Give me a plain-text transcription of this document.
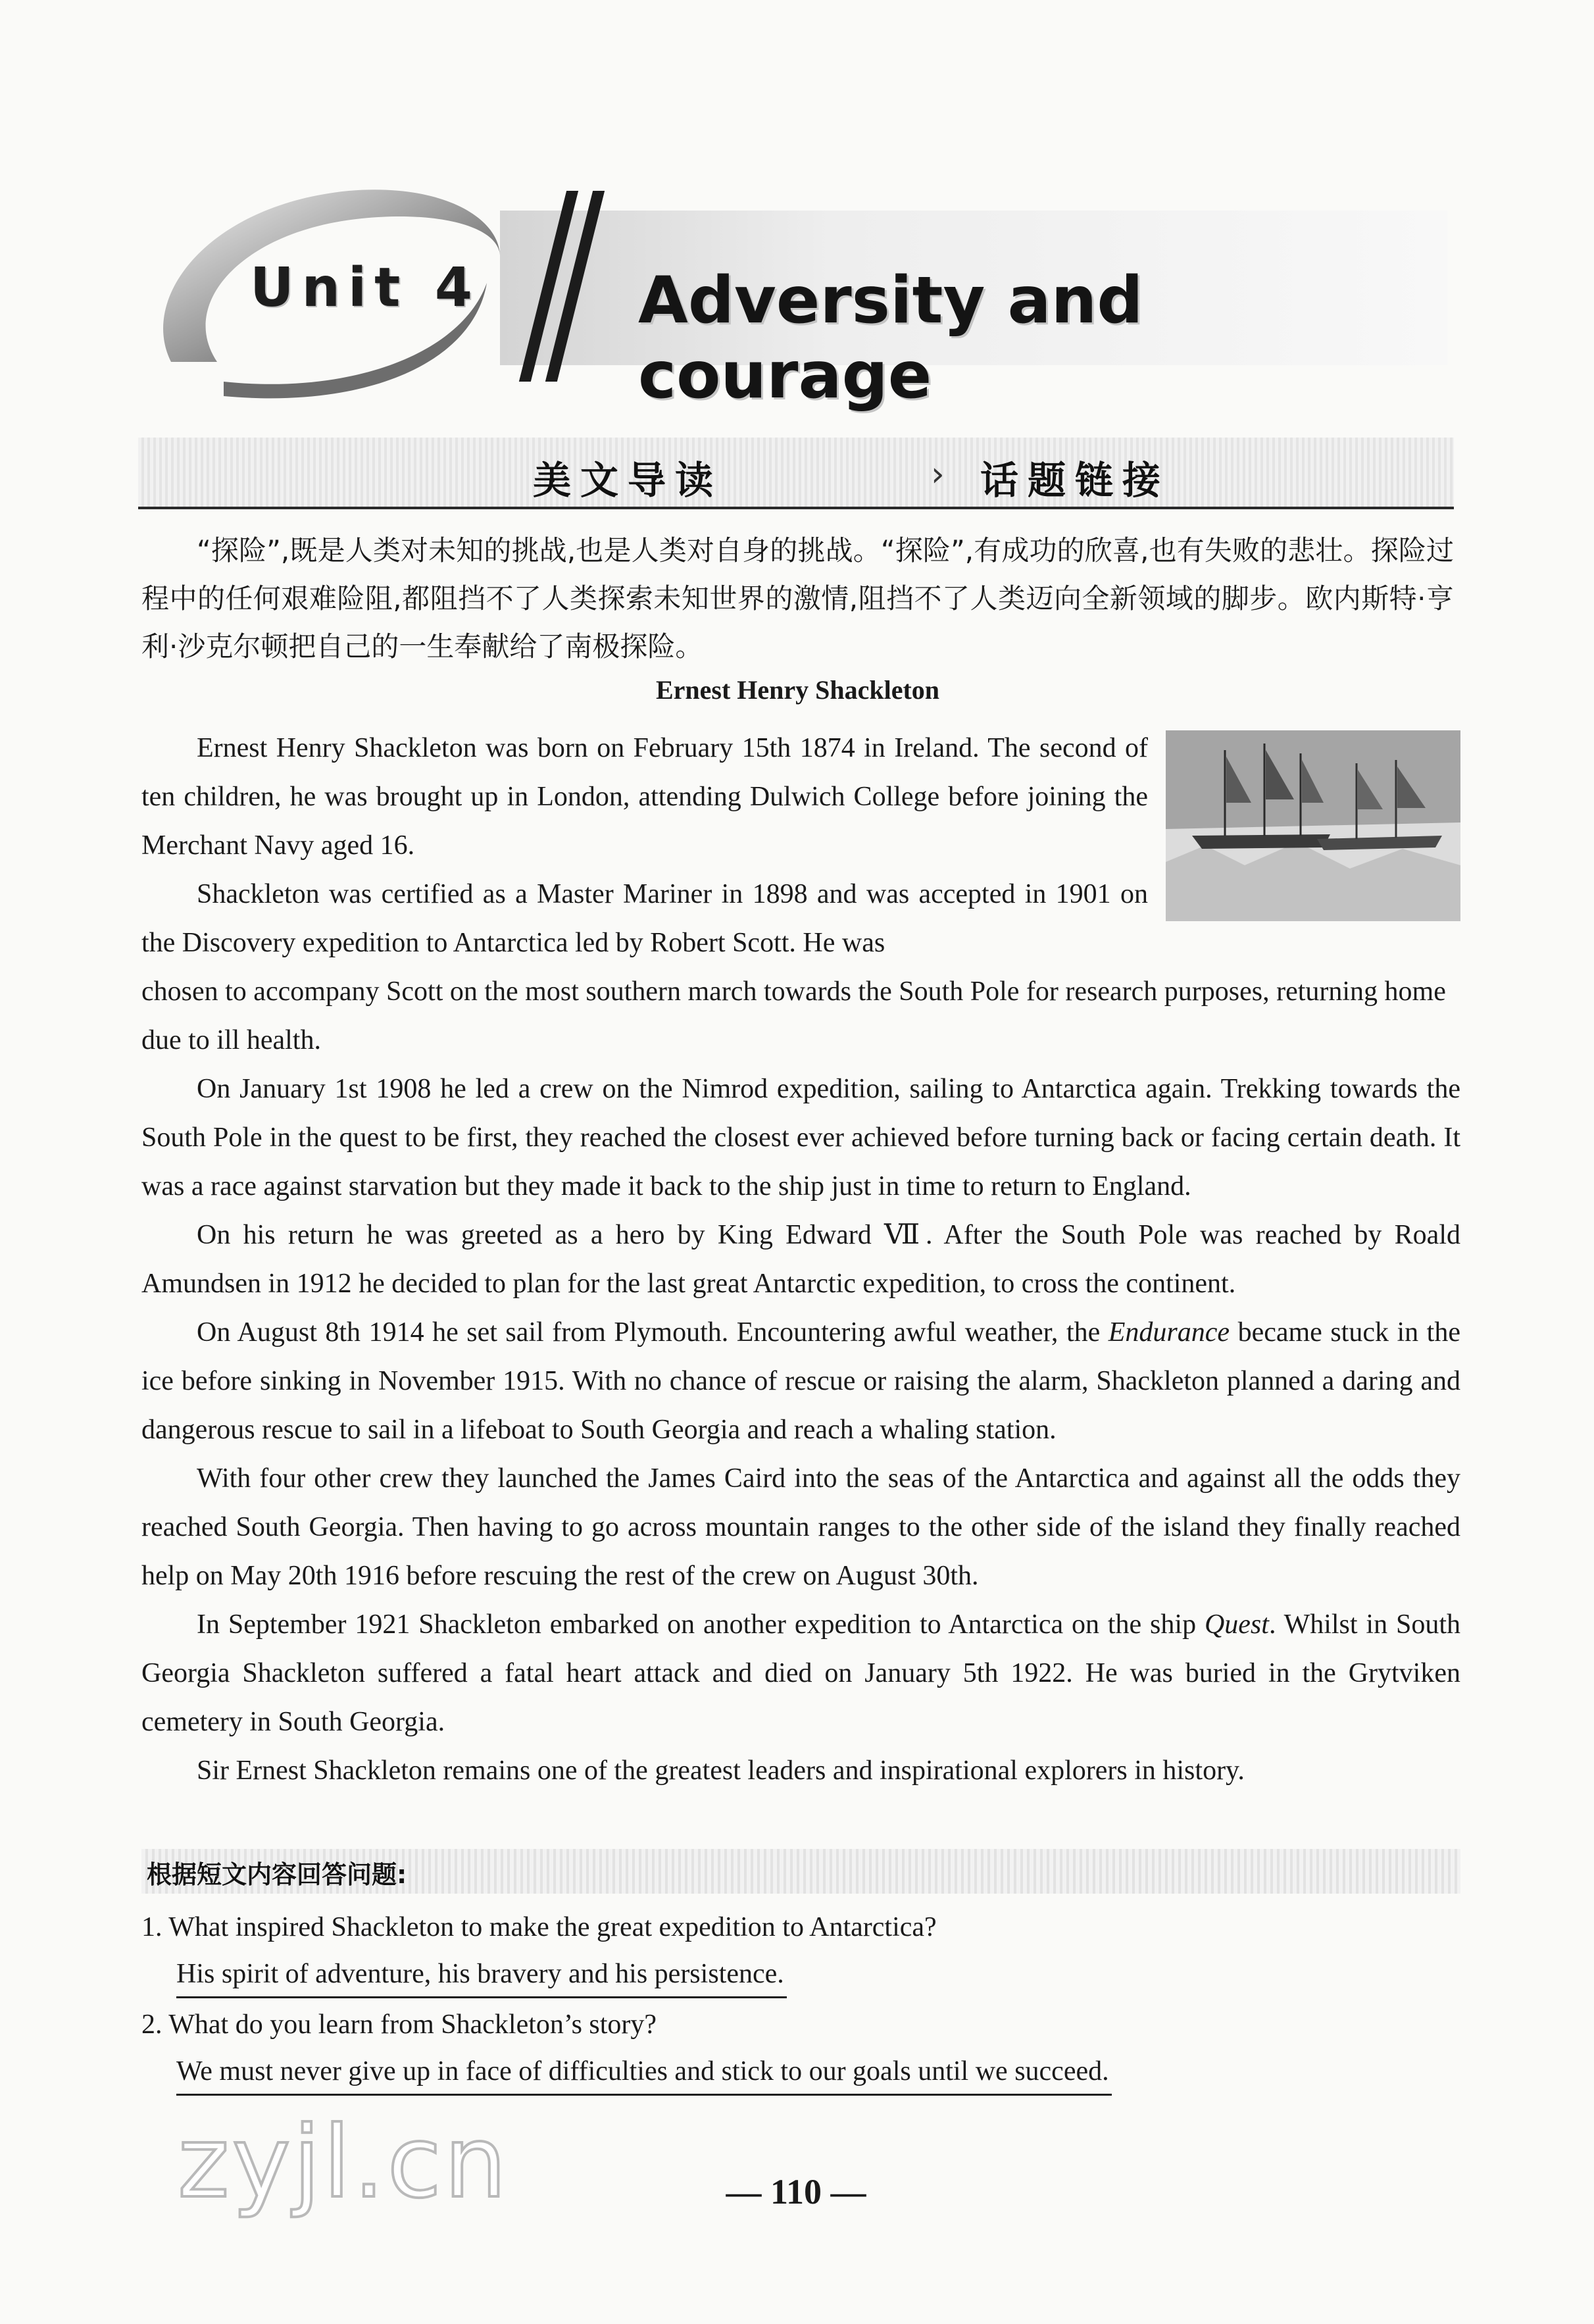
Unit 4 Adversity and courage
美文导读	› 话题链接

“探险”,既是人类对未知的挑战,也是人类对自身的挑战。“探险”,有成功的欣喜,也有失败的悲壮。探险过程中的任何艰难险阻,都阻挡不了人类探索未知世界的激情,阻挡不了人类迈向全新领域的脚步。欧内斯特·亨利·沙克尔顿把自己的一生奉献给了南极探险。

Ernest Henry Shackleton

Ernest Henry Shackleton was born on February 15th 1874 in Ireland. The second of ten children, he was brought up in London, attending Dulwich College before joining the Merchant Navy aged 16.

Shackleton was certified as a Master Mariner in 1898 and was accepted in 1901 on the Discovery expedition to Antarctica led by Robert Scott. He was

chosen to accompany Scott on the most southern march towards the South Pole for research purposes, returning home due to ill health.

On January 1st 1908 he led a crew on the Nimrod expedition, sailing to Antarctica again. Trekking towards the South Pole in the quest to be first, they reached the closest ever achieved before turning back or facing certain death. It was a race against starvation but they made it back to the ship just in time to return to England.

On his return he was greeted as a hero by King Edward Ⅶ. After the South Pole was reached by Roald Amundsen in 1912 he decided to plan for the last great Antarctic expedition, to cross the continent.

On August 8th 1914 he set sail from Plymouth. Encountering awful weather, the Endurance became stuck in the ice before sinking in November 1915. With no chance of rescue or raising the alarm, Shackleton planned a daring and dangerous rescue to sail in a lifeboat to South Georgia and reach a whaling station.

With four other crew they launched the James Caird into the seas of the Antarctica and against all the odds they reached South Georgia. Then having to go across mountain ranges to the other side of the island they finally reached help on May 20th 1916 before rescuing the rest of the crew on August 30th.

In September 1921 Shackleton embarked on another expedition to Antarctica on the ship Quest. Whilst in South Georgia Shackleton suffered a fatal heart attack and died on January 5th 1922. He was buried in the Grytviken cemetery in South Georgia.

Sir Ernest Shackleton remains one of the greatest leaders and inspirational explorers in history.

根据短文内容回答问题:

1. What inspired Shackleton to make the great expedition to Antarctica?

His spirit of adventure, his bravery and his persistence.

2. What do you learn from Shackleton’s story?

We must never give up in face of difficulties and stick to our goals until we succeed.

zyjl.cn	— 110 —
